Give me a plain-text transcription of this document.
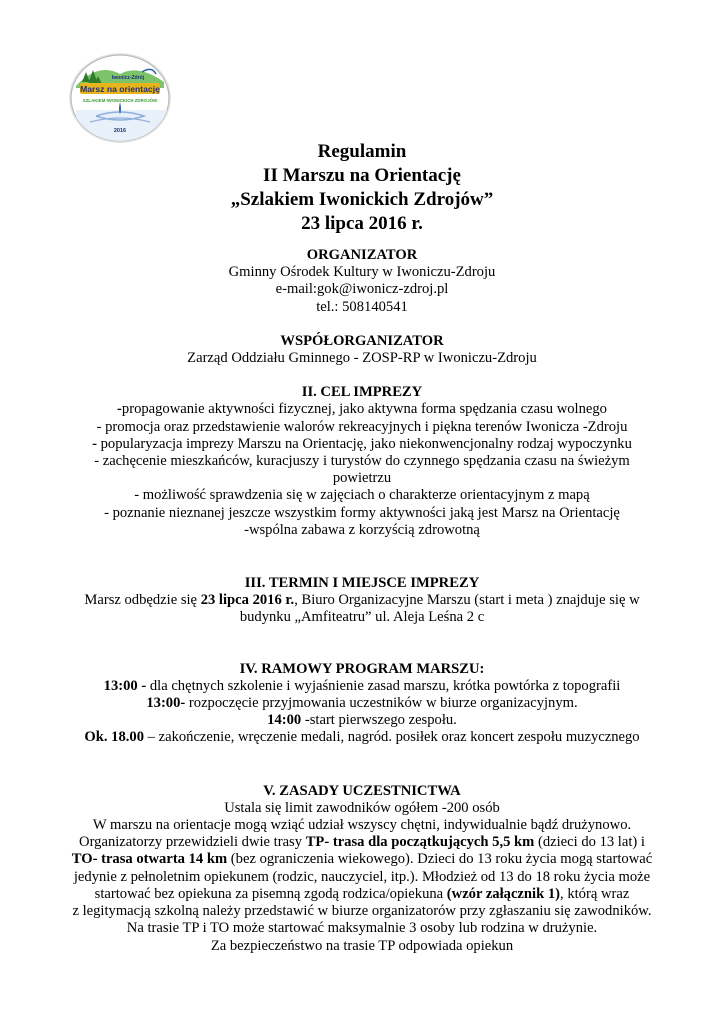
Iwonicz-Zdrój
Marsz na orientację
SZLAKIEM IWONICKICH ZDROJÓW
2016
Regulamin
II Marszu na Orientację
„Szlakiem Iwonickich Zdrojów”
23 lipca 2016 r.
ORGANIZATOR
Gminny Ośrodek Kultury w Iwoniczu-Zdroju
e-mail:gok@iwonicz-zdroj.pl
tel.: 508140541
WSPÓŁORGANIZATOR
Zarząd Oddziału Gminnego - ZOSP-RP w Iwoniczu-Zdroju
II. CEL IMPREZY
-propagowanie aktywności fizycznej, jako aktywna forma spędzania czasu wolnego
- promocja oraz przedstawienie walorów rekreacyjnych i piękna terenów Iwonicza -Zdroju
- popularyzacja imprezy Marszu na Orientację, jako niekonwencjonalny rodzaj wypoczynku
- zachęcenie mieszkańców, kuracjuszy i turystów do czynnego spędzania czasu na świeżym powietrzu
- możliwość sprawdzenia się w zajęciach o charakterze orientacyjnym z mapą
- poznanie nieznanej jeszcze wszystkim formy aktywności jaką jest Marsz na Orientację
-wspólna zabawa z korzyścią zdrowotną
III. TERMIN I MIEJSCE IMPREZY
Marsz odbędzie się 23 lipca 2016 r., Biuro Organizacyjne Marszu (start i meta ) znajduje się w budynku „Amfiteatru” ul. Aleja Leśna 2 c
IV. RAMOWY PROGRAM MARSZU:
13:00 - dla chętnych szkolenie i wyjaśnienie zasad marszu, krótka powtórka z topografii
13:00- rozpoczęcie przyjmowania uczestników w biurze organizacyjnym.
14:00 -start pierwszego zespołu.
Ok. 18.00 – zakończenie, wręczenie medali, nagród. posiłek oraz koncert zespołu muzycznego
V. ZASADY UCZESTNICTWA
Ustala się limit zawodników ogółem -200 osób
W marszu na orientacje mogą wziąć udział wszyscy chętni, indywidualnie bądź drużynowo.
Organizatorzy przewidzieli dwie trasy TP- trasa dla początkujących 5,5 km (dzieci do 13 lat) i
TO- trasa otwarta 14 km (bez ograniczenia wiekowego). Dzieci do 13 roku życia mogą startować
jedynie z pełnoletnim opiekunem (rodzic, nauczyciel, itp.). Młodzież od 13 do 18 roku życia może
startować bez opiekuna za pisemną zgodą rodzica/opiekuna (wzór załącznik 1), którą wraz
z legitymacją szkolną należy przedstawić w biurze organizatorów przy zgłaszaniu się zawodników.
Na trasie TP i TO może startować maksymalnie 3 osoby lub rodzina w drużynie.
Za bezpieczeństwo na trasie TP odpowiada opiekun
